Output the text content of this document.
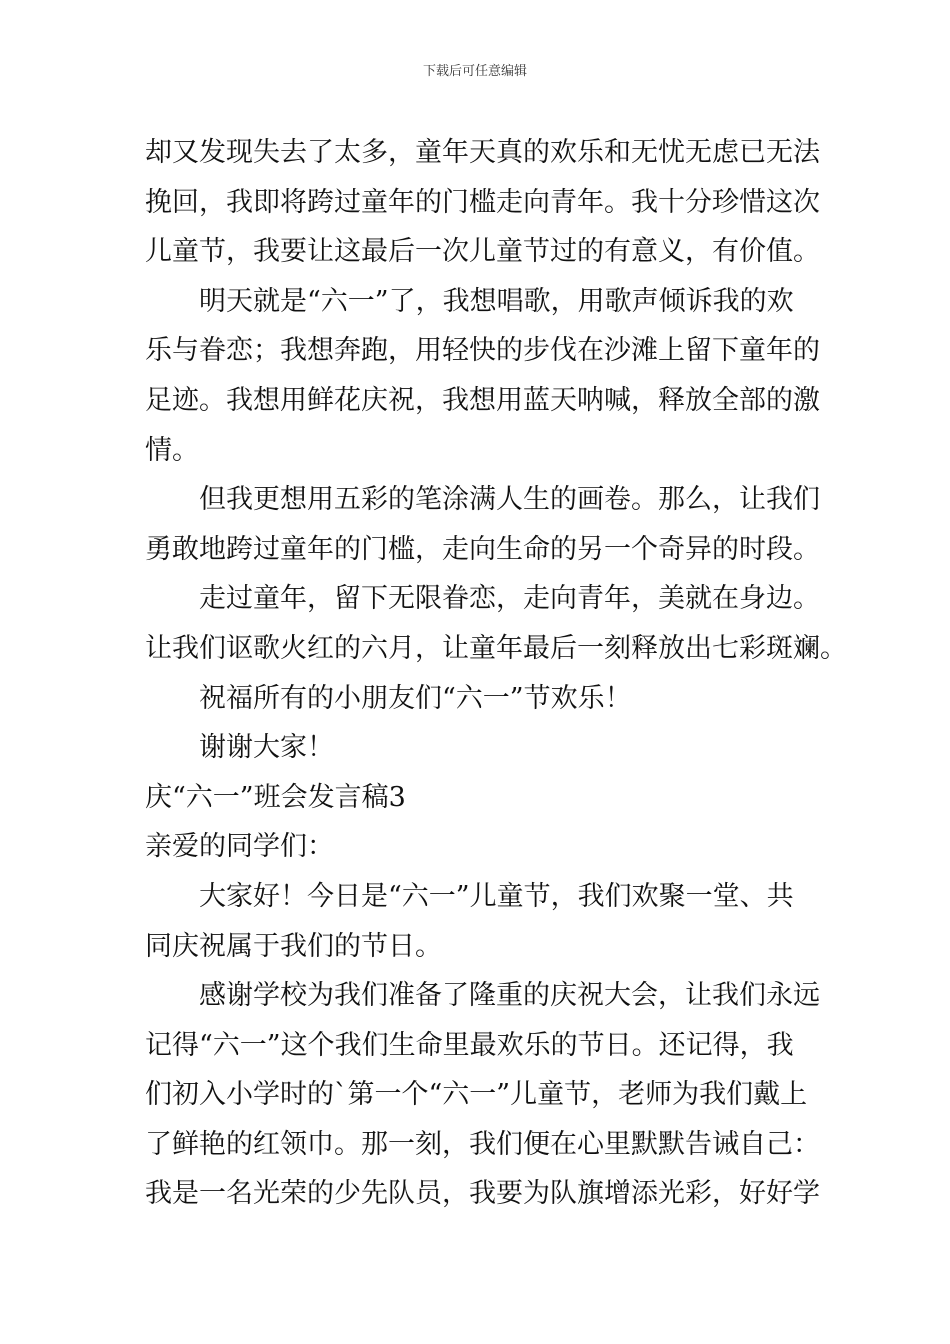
下载后可任意编辑
却又发现失去了太多，童年天真的欢乐和无忧无虑已无法
挽回，我即将跨过童年的门槛走向青年。我十分珍惜这次
儿童节，我要让这最后一次儿童节过的有意义，有价值。
明天就是“六一”了，我想唱歌，用歌声倾诉我的欢
乐与眷恋；我想奔跑，用轻快的步伐在沙滩上留下童年的
足迹。我想用鲜花庆祝，我想用蓝天呐喊，释放全部的激
情。
但我更想用五彩的笔涂满人生的画卷。那么，让我们
勇敢地跨过童年的门槛，走向生命的另一个奇异的时段。
走过童年，留下无限眷恋，走向青年，美就在身边。
让我们讴歌火红的六月，让童年最后一刻释放出七彩斑斓。
祝福所有的小朋友们“六一”节欢乐！
谢谢大家！
庆“六一”班会发言稿3
亲爱的同学们：
大家好！今日是“六一”儿童节，我们欢聚一堂、共
同庆祝属于我们的节日。
感谢学校为我们准备了隆重的庆祝大会，让我们永远
记得“六一”这个我们生命里最欢乐的节日。还记得，我
们初入小学时的`第一个“六一”儿童节，老师为我们戴上
了鲜艳的红领巾。那一刻，我们便在心里默默告诫自己：
我是一名光荣的少先队员，我要为队旗增添光彩，好好学
